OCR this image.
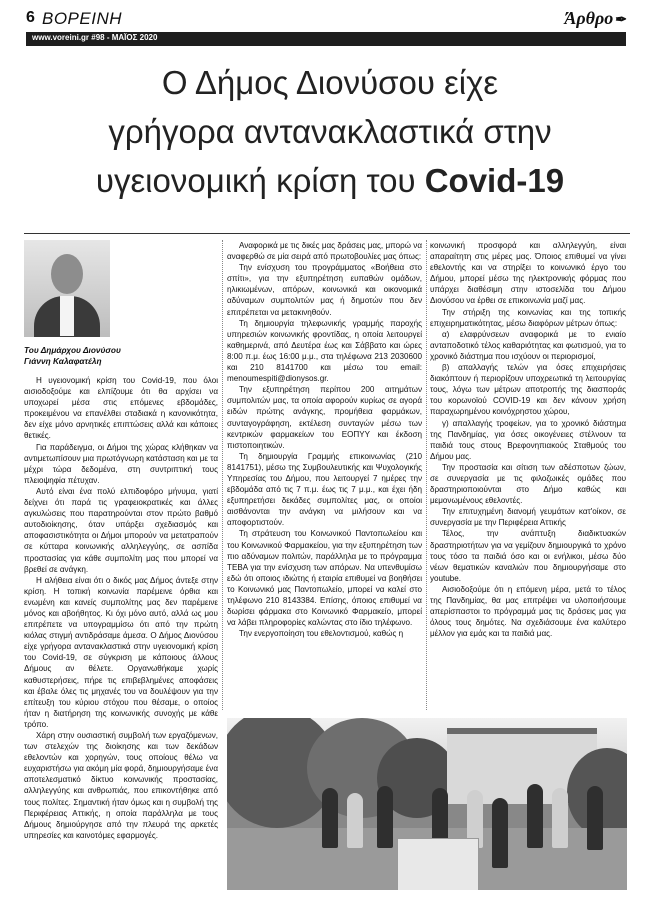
6 ΒΟΡΕΙΝΗ	Άρθρο ✒
www.voreini.gr #98 - ΜΑΪΟΣ 2020
Ο Δήμος Διονύσου είχε
γρήγορα αντανακλαστικά στην
υγειονομική κρίση του Covid-19
Του Δημάρχου Διονύσου
Γιάννη Καλαφατέλη

Η υγειονομική κρίση του Covid-19, που όλοι αισιοδοξούμε και ελπίζουμε ότι θα αρχίσει να υποχωρεί μέσα στις επόμενες εβδομάδες, προκειμένου να επανέλθει σταδιακά η κανονικότητα, δεν είχε μόνο αρνητικές επιπτώσεις αλλά και κάποιες θετικές.

Για παράδειγμα, οι Δήμοι της χώρας κλήθηκαν να αντιμετωπίσουν μια πρωτόγνωρη κατάσταση και με τα μέχρι τώρα δεδομένα, στη συντριπτική τους πλειοψηφία πέτυχαν.

Αυτό είναι ένα πολύ ελπιδοφόρο μήνυμα, γιατί δείχνει ότι παρά τις γραφειοκρατικές και άλλες αγκυλώσεις που παρατηρούνται στον πρώτο βαθμό αυτοδιοίκησης, όταν υπάρξει σχεδιασμός και αποφασιστικότητα οι Δήμοι μπορούν να μετατραπούν σε κύτταρα κοινωνικής αλληλεγγύης, σε ασπίδα προστασίας για κάθε συμπολίτη μας που μπορεί να βρεθεί σε ανάγκη.

Η αλήθεια είναι ότι ο δικός μας Δήμος άντεξε στην κρίση. Η τοπική κοινωνία παρέμεινε όρθια και ενωμένη και κανείς συμπολίτης μας δεν παρέμεινε μόνος και αβοήθητος. Κι όχι μόνο αυτό, αλλά ως μου επιτρέπετε να υπογραμμίσω ότι από την πρώτη κιόλας στιγμή αντιδράσαμε άμεσα. Ο Δήμος Διονύσου είχε γρήγορα αντανακλαστικά στην υγειονομική κρίση του Covid-19, σε σύγκριση με κάποιους άλλους Δήμους αν θέλετε. Οργανωθήκαμε χωρίς καθυστερήσεις, πήρε τις επιβεβλημένες αποφάσεις και έβαλε όλες τις μηχανές του να δουλέψουν για την επίτευξη του κύριου στόχου που θέσαμε, ο οποίος ήταν η διατήρηση της κοινωνικής συνοχής με κάθε τρόπο.

Χάρη στην ουσιαστική συμβολή των εργαζόμενων, των στελεχών της διοίκησης και των δεκάδων εθελοντών και χορηγών, τους οποίους θέλω να ευχαριστήσω για ακόμη μία φορά, δημιουργήσαμε ένα αποτελεσματικό δίκτυο κοινωνικής προστασίας, αλληλεγγύης και ανθρωπιάς, που επικοντήθηκε από τους πολίτες. Σημαντική ήταν όμως και η συμβολή της Περιφέρειας Αττικής, η οποία παράλληλα με τους Δήμους δημιούργησε από την πλευρά της αρκετές υπηρεσίες και καινοτόμες εφαρμογές.

Αναφορικά με τις δικές μας δράσεις μας, μπορώ να αναφερθώ σε μία σειρά από πρωτοβουλίες μας όπως:

Την ενίσχυση του προγράμματος «Βοήθεια στο σπίτι», για την εξυπηρέτηση ευπαθών ομάδων, ηλικιωμένων, απόρων, κοινωνικά και οικονομικά αδύναμων συμπολιτών μας ή δημοτών που δεν επιτρέπεται να μετακινηθούν.

Τη δημιουργία τηλεφωνικής γραμμής παροχής υπηρεσιών κοινωνικής φροντίδας, η οποία λειτουργεί καθημερινά, από Δευτέρα έως και Σάββατο και ώρες 8:00 π.μ. έως 16:00 μ.μ., στα τηλέφωνα 213 2030600 και 210 8141700 και μέσω του email: menoumespiti@dionysos.gr.

Την εξυπηρέτηση περίπου 200 αιτημάτων συμπολιτών μας, τα οποία αφορούν κυρίως σε αγορά ειδών πρώτης ανάγκης, προμήθεια φαρμάκων, συνταγογράφηση, εκτέλεση συνταγών μέσω των κεντρικών φαρμακείων του ΕΟΠΥΥ και έκδοση πιστοποιητικών.

Τη δημιουργία Γραμμής επικοινωνίας (210 8141751), μέσω της Συμβουλευτικής και Ψυχολογικής Υπηρεσίας του Δήμου, που λειτουργεί 7 ημέρες την εβδομάδα από τις 7 π.μ. έως τις 7 μ.μ., και έχει ήδη εξυπηρετήσει δεκάδες συμπολίτες μας, οι οποίοι αισθάνονται την ανάγκη να μιλήσουν και να αποφορτιστούν.

Τη στράτευση του Κοινωνικού Παντοπωλείου και του Κοινωνικού Φαρμακείου, για την εξυπηρέτηση των πιο αδύναμων πολιτών, παράλληλα με το πρόγραμμα ΤΕΒΑ για την ενίσχυση των απόρων. Να υπενθυμίσω εδώ ότι οποιος ιδιώτης ή εταιρία επιθυμεί να βοηθήσει το Κοινωνικό μας Παντοπωλείο, μπορεί να καλεί στο τηλέφωνο 210 8143384. Επίσης, όποιος επιθυμεί να δωρίσει φάρμακα στο Κοινωνικό Φαρμακείο, μπορεί να λάβει πληροφορίες καλώντας στο ίδιο τηλέφωνο.

Την ενεργοποίηση του εθελοντισμού, καθώς η

κοινωνική προσφορά και αλληλεγγύη, είναι απαραίτητη στις μέρες μας. Όποιος επιθυμεί να γίνει εθελοντής και να στηρίξει το κοινωνικό έργο του Δήμου, μπορεί μέσω της ηλεκτρονικής φόρμας που υπάρχει διαθέσιμη στην ιστοσελίδα του Δήμου Διονύσου να έρθει σε επικοινωνία μαζί μας.

Την στήριξη της κοινωνίας και της τοπικής επιχειρηματικότητας, μέσω διαφόρων μέτρων όπως:

α) ελαφρύνσεων αναφορικά με το ενιαίο ανταποδοτικό τέλος καθαριότητας και φωτισμού, για το χρονικό διάστημα που ισχύουν οι περιορισμοί,

β) απαλλαγής τελών για όσες επιχειρήσεις διακόπτουν ή περιορίζουν υποχρεωτικά τη λειτουργίας τους, λόγω των μέτρων αποτροπής της διασποράς του κορωνοϊού COVID-19 και δεν κάνουν χρήση παραχωρημένου κοινόχρηστου χώρου,

γ) απαλλαγής τροφείων, για το χρονικό διάστημα της Πανδημίας, για όσες οικογένειες στέλνουν τα παιδιά τους στους Βρεφονηπιακούς Σταθμούς του Δήμου μας.

Την προστασία και σίτιση των αδέσποτων ζώων, σε συνεργασία με τις φιλοζωικές ομάδες που δραστηριοποιούνται στο Δήμο καθώς και μεμονωμένους εθελοντές.

Την επιτυχημένη διανομή γευμάτων κατ'οίκον, σε συνεργασία με την Περιφέρεια Αττικής

Τέλος, την ανάπτυξη διαδικτυακών δραστηριοτήτων για να γεμίζουν δημιουργικά το χρόνο τους τόσο τα παιδιά όσο και οι ενήλικοι, μέσω δύο νέων θεματικών καναλιών που δημιουργήσαμε στο youtube.

Αισιοδοξούμε ότι η επόμενη μέρα, μετά το τέλος της Πανδημίας, θα μας επιτρέψει να υλοποιήσουμε απερίσπαστοι το πρόγραμμά μας τις δράσεις μας για όλους τους δημότες. Να σχεδιάσουμε ένα καλύτερο μέλλον για εμάς και τα παιδιά μας.
